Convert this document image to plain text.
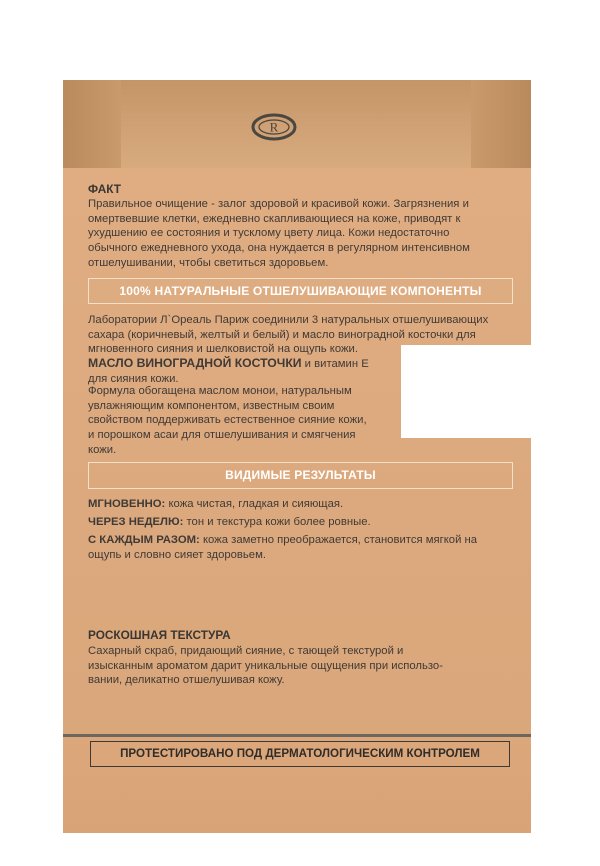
R
ФАКТ
Правильное очищение - залог здоровой и красивой кожи. Загрязнения и
омертвевшие клетки, ежедневно скапливающиеся на коже, приводят к
ухудшению ее состояния и тусклому цвету лица. Кожи недостаточно
обычного ежедневного ухода, она нуждается в регулярном интенсивном
отшелушивании, чтобы светиться здоровьем.
100% НАТУРАЛЬНЫЕ ОТШЕЛУШИВАЮЩИЕ КОМПОНЕНТЫ
Лаборатории Л`Ореаль Париж соединили 3 натуральных отшелушивающих
сахара (коричневый, желтый и белый) и масло виноградной косточки для
мгновенного сияния и шелковистой на ощупь кожи.
МАСЛО ВИНОГРАДНОЙ КОСТОЧКИ и витамин Е
для сияния кожи.
Формула обогащена маслом монои, натуральным
увлажняющим компонентом, известным своим
свойством поддерживать естественное сияние кожи,
и порошком асаи для отшелушивания и смягчения
кожи.
ВИДИМЫЕ РЕЗУЛЬТАТЫ
МГНОВЕННО: кожа чистая, гладкая и сияющая.
ЧЕРЕЗ НЕДЕЛЮ: тон и текстура кожи более ровные.
С КАЖДЫМ РАЗОМ: кожа заметно преображается, становится мягкой на
ощупь и словно сияет здоровьем.
РОСКОШНАЯ ТЕКСТУРА
Сахарный скраб, придающий сияние, с тающей текстурой и
изысканным ароматом дарит уникальные ощущения при использо-
вании, деликатно отшелушивая кожу.
ПРОТЕСТИРОВАНО ПОД ДЕРМАТОЛОГИЧЕСКИМ КОНТРОЛЕМ
